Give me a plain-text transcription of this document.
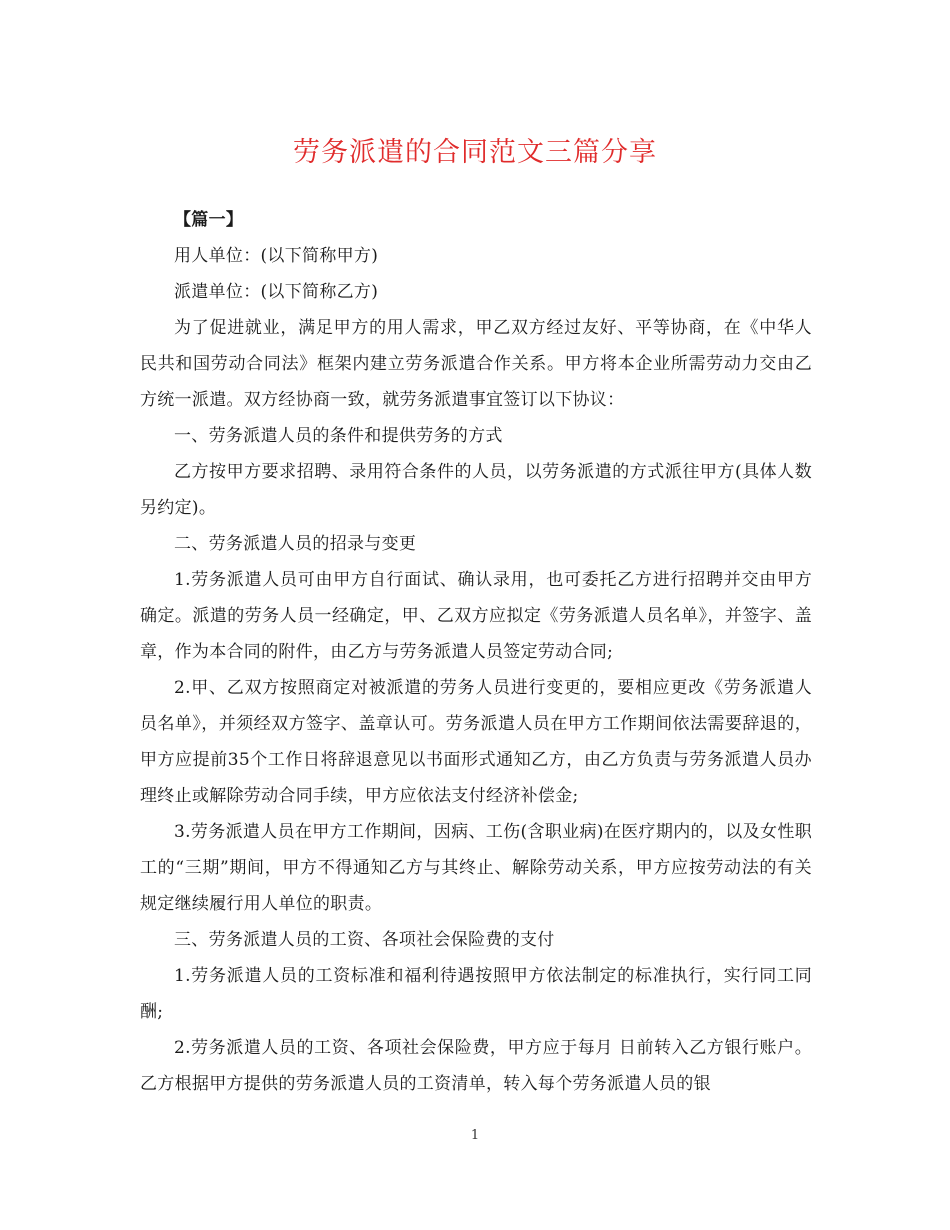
劳务派遣的合同范文三篇分享

【篇一】

用人单位：(以下简称甲方)

派遣单位：(以下简称乙方)

为了促进就业，满足甲方的用人需求，甲乙双方经过友好、平等协商，在《中华人民共和国劳动合同法》框架内建立劳务派遣合作关系。甲方将本企业所需劳动力交由乙方统一派遣。双方经协商一致，就劳务派遣事宜签订以下协议：

一、劳务派遣人员的条件和提供劳务的方式

乙方按甲方要求招聘、录用符合条件的人员，以劳务派遣的方式派往甲方(具体人数另约定)。

二、劳务派遣人员的招录与变更

1.劳务派遣人员可由甲方自行面试、确认录用，也可委托乙方进行招聘并交由甲方确定。派遣的劳务人员一经确定，甲、乙双方应拟定《劳务派遣人员名单》，并签字、盖章，作为本合同的附件，由乙方与劳务派遣人员签定劳动合同;

2.甲、乙双方按照商定对被派遣的劳务人员进行变更的，要相应更改《劳务派遣人员名单》，并须经双方签字、盖章认可。劳务派遣人员在甲方工作期间依法需要辞退的，甲方应提前35个工作日将辞退意见以书面形式通知乙方，由乙方负责与劳务派遣人员办理终止或解除劳动合同手续，甲方应依法支付经济补偿金;

3.劳务派遣人员在甲方工作期间，因病、工伤(含职业病)在医疗期内的，以及女性职工的“三期”期间，甲方不得通知乙方与其终止、解除劳动关系，甲方应按劳动法的有关规定继续履行用人单位的职责。

三、劳务派遣人员的工资、各项社会保险费的支付

1.劳务派遣人员的工资标准和福利待遇按照甲方依法制定的标准执行，实行同工同酬;

2.劳务派遣人员的工资、各项社会保险费，甲方应于每月 日前转入乙方银行账户。乙方根据甲方提供的劳务派遣人员的工资清单，转入每个劳务派遣人员的银

1
